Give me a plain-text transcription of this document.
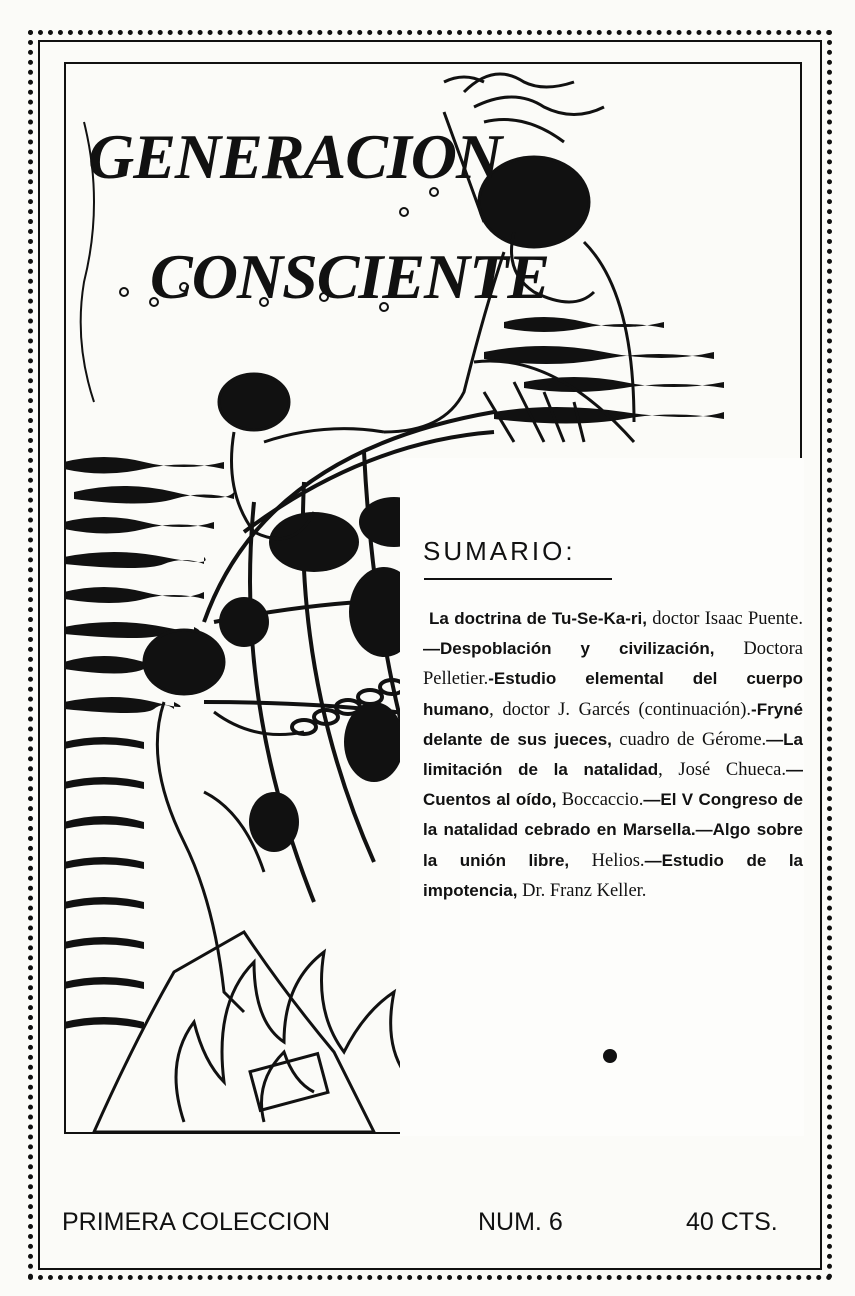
GENERACION
CONSCIENTE
SUMARIO:
La doctrina de Tu-Se-Ka-ri, doctor Isaac Puente.—Despoblación y civilización, Doctora Pelletier.-Estudio elemental del cuerpo humano, doctor J. Garcés (continuación).-Fryné delante de sus jueces, cuadro de Gérome.—La limitación de la natalidad, José Chueca.— Cuentos al oído, Boccaccio.—El V Congreso de la natalidad cebrado en Marsella.—Algo sobre la unión libre, Helios.—Estudio de la impotencia, Dr. Franz Keller.
PRIMERA COLECCION	NUM. 6	40 CTS.
